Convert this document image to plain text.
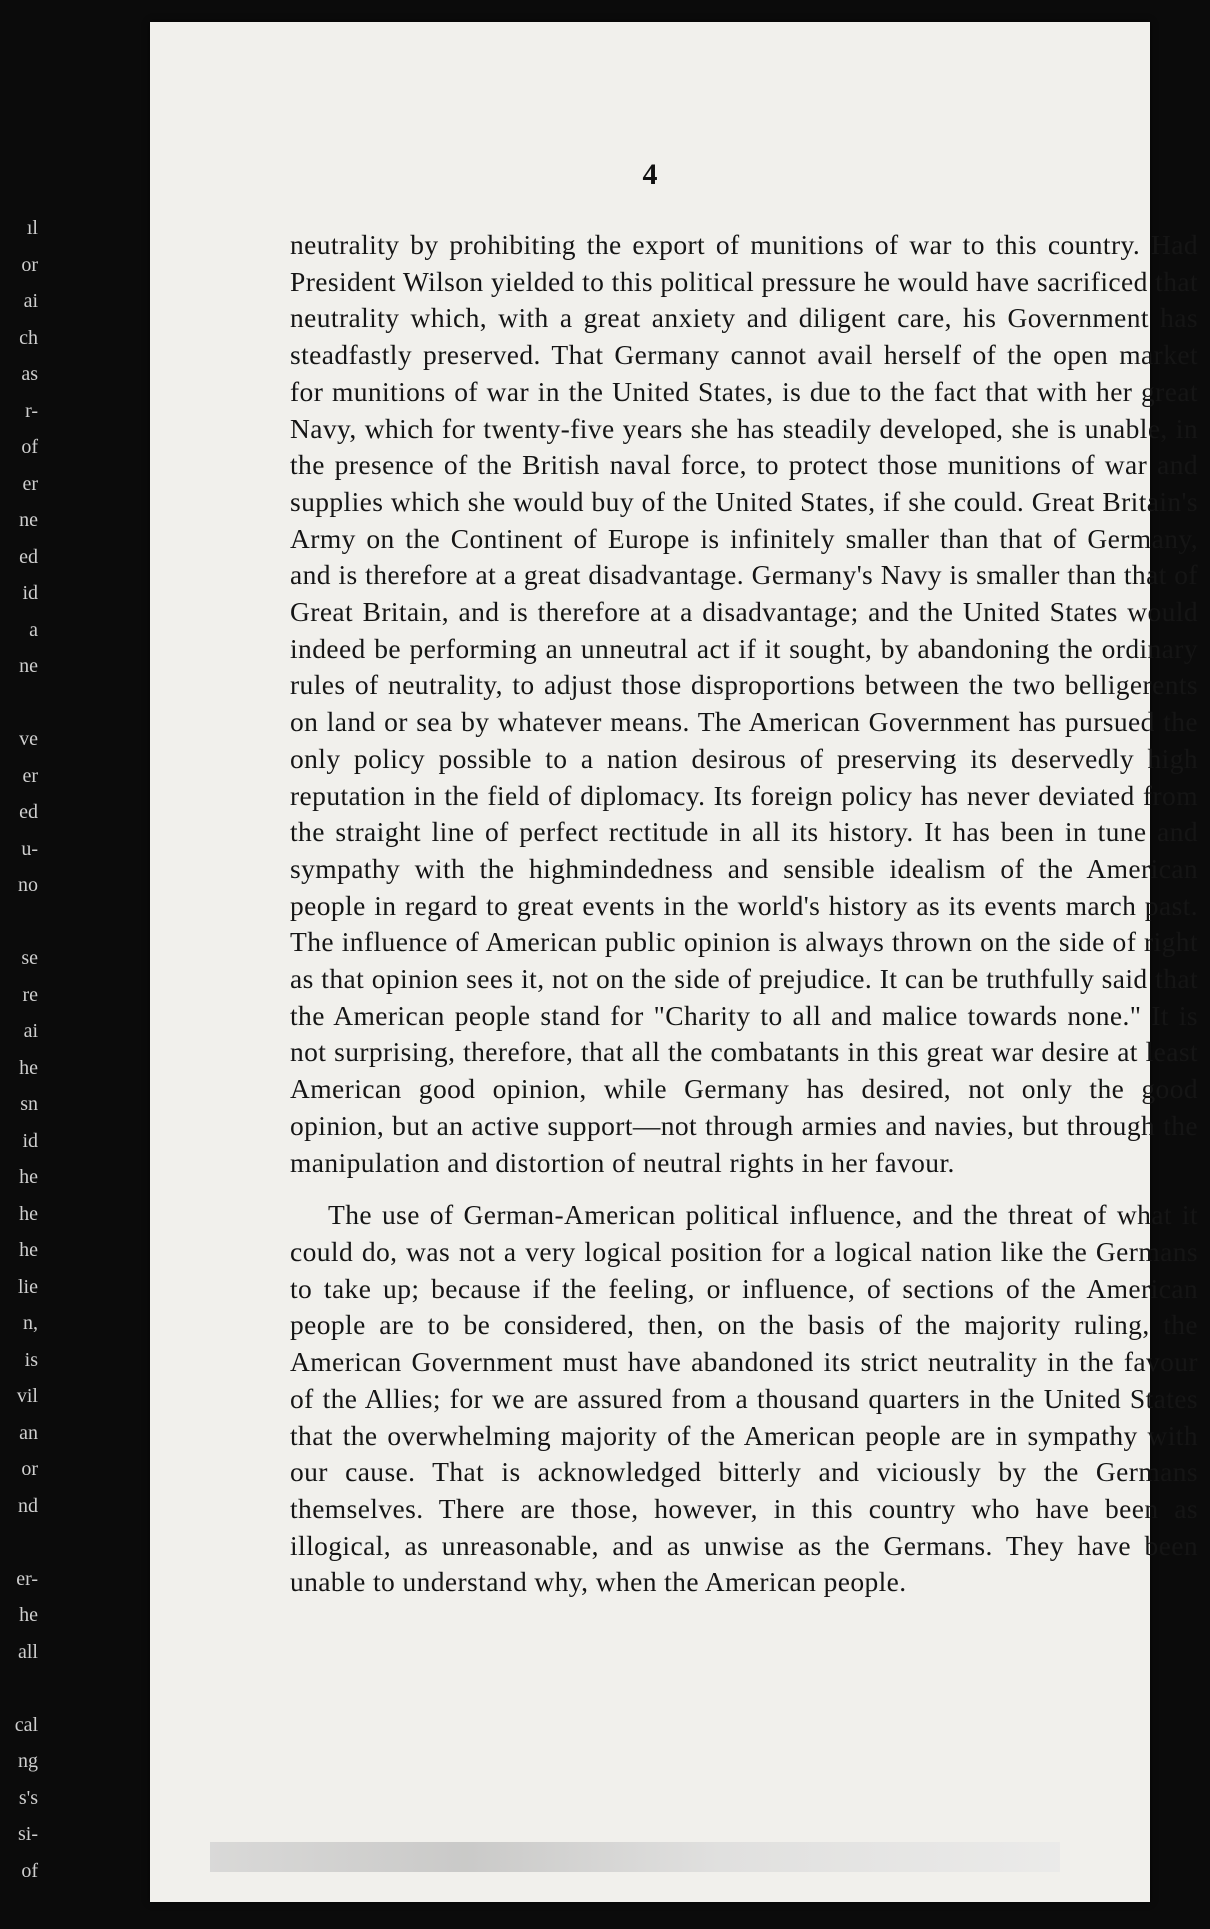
ıl
or
ai
ch
as
r-
of
er
ne
ed
id
a
ne

ve
er
ed
u-
no

se
re
ai
he
sn
id
he
he
he
lie
n,
is
vil
an
or
nd

er-
he
all

cal
ng
s's
si-
of
4

neutrality by prohibiting the export of munitions of war to this country. Had President Wilson yielded to this political pressure he would have sacrificed that neutrality which, with a great anxiety and diligent care, his Government has steadfastly preserved. That Germany cannot avail herself of the open market for munitions of war in the United States, is due to the fact that with her great Navy, which for twenty-five years she has steadily developed, she is unable, in the presence of the British naval force, to protect those munitions of war and supplies which she would buy of the United States, if she could. Great Britain's Army on the Continent of Europe is infinitely smaller than that of Germany, and is therefore at a great disadvantage. Germany's Navy is smaller than that of Great Britain, and is therefore at a disadvantage; and the United States would indeed be performing an unneutral act if it sought, by abandoning the ordinary rules of neutrality, to adjust those disproportions between the two belligerents on land or sea by whatever means. The American Government has pursued the only policy possible to a nation desirous of preserving its deservedly high reputation in the field of diplomacy. Its foreign policy has never deviated from the straight line of perfect rectitude in all its history. It has been in tune and sympathy with the highmindedness and sensible idealism of the American people in regard to great events in the world's history as its events march past. The influence of American public opinion is always thrown on the side of right as that opinion sees it, not on the side of prejudice. It can be truthfully said that the American people stand for "Charity to all and malice towards none." It is not surprising, therefore, that all the combatants in this great war desire at least American good opinion, while Germany has desired, not only the good opinion, but an active support—not through armies and navies, but through the manipulation and distortion of neutral rights in her favour.

The use of German-American political influence, and the threat of what it could do, was not a very logical position for a logical nation like the Germans to take up; because if the feeling, or influence, of sections of the American people are to be considered, then, on the basis of the majority ruling, the American Government must have abandoned its strict neutrality in the favour of the Allies; for we are assured from a thousand quarters in the United States that the overwhelming majority of the American people are in sympathy with our cause. That is acknowledged bitterly and viciously by the Germans themselves. There are those, however, in this country who have been as illogical, as unreasonable, and as unwise as the Germans. They have been unable to understand why, when the American people.
